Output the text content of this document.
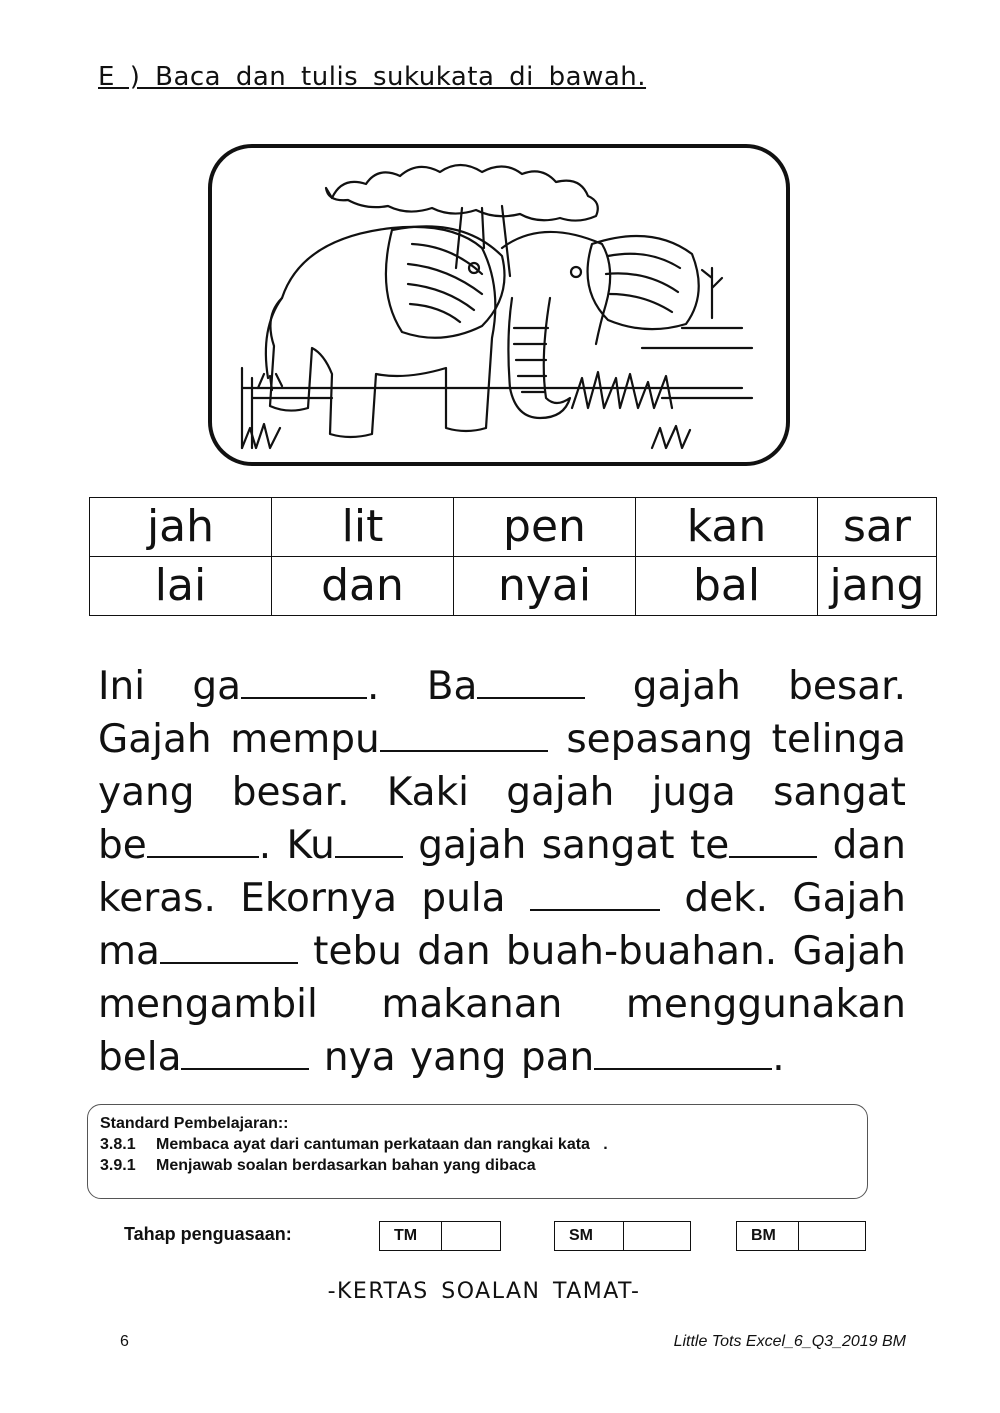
E ) Baca dan tulis sukukata di bawah.
jah	lit	pen	kan	sar
lai	dan	nyai	bal	jang
Ini ga	. Ba	gajah besar.
Gajah mempu	sepasang telinga
yang besar. Kaki gajah juga sangat
be	. Ku gajah sangat te	dan
keras. Ekornya pula	dek. Gajah
ma	tebu dan buah-buahan. Gajah
mengambil makanan menggunakan
bela	nya yang pan	.
Standard Pembelajaran::
3.8.1	Membaca ayat dari cantuman perkataan dan rangkai kata   .
3.9.1	Menjawab soalan berdasarkan bahan yang dibaca
Tahap penguasaan:	TM	SM	BM
-KERTAS SOALAN TAMAT-
6	Little Tots Excel_6_Q3_2019 BM
